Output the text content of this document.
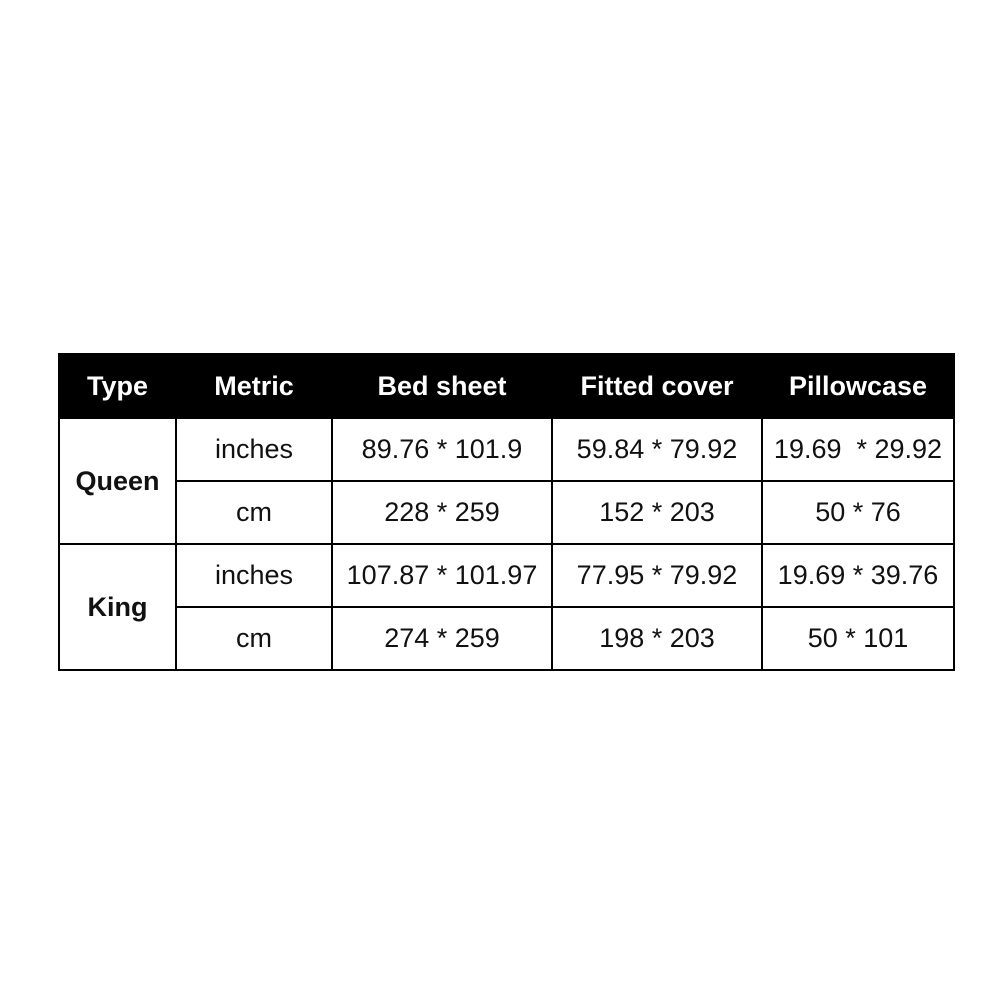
Type	Metric	Bed sheet	Fitted cover	Pillowcase
Queen	inches	89.76 * 101.9	59.84 * 79.92	19.69  * 29.92
	cm	228 * 259	152 * 203	50 * 76
King	inches	107.87 * 101.97	77.95 * 79.92	19.69 * 39.76
	cm	274 * 259	198 * 203	50 * 101
